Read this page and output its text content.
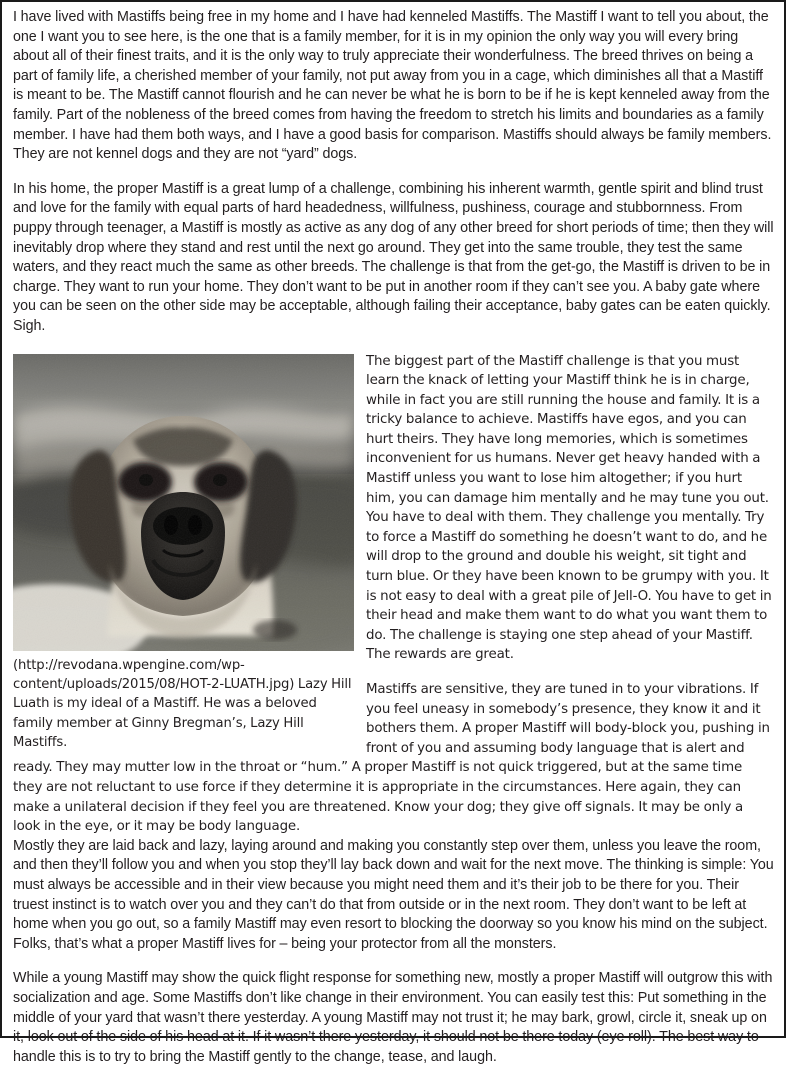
I have lived with Mastiffs being free in my home and I have had kenneled Mastiffs. The Mastiff I want to tell you about, the one I want you to see here, is the one that is a family member, for it is in my opinion the only way you will every bring about all of their finest traits, and it is the only way to truly appreciate their wonderfulness. The breed thrives on being a part of family life, a cherished member of your family, not put away from you in a cage, which diminishes all that a Mastiff is meant to be. The Mastiff cannot flourish and he can never be what he is born to be if he is kept kenneled away from the family. Part of the nobleness of the breed comes from having the freedom to stretch his limits and boundaries as a family member. I have had them both ways, and I have a good basis for comparison. Mastiffs should always be family members. They are not kennel dogs and they are not “yard” dogs.

In his home, the proper Mastiff is a great lump of a challenge, combining his inherent warmth, gentle spirit and blind trust and love for the family with equal parts of hard headedness, willfulness, pushiness, courage and stubbornness. From puppy through teenager, a Mastiff is mostly as active as any dog of any other breed for short periods of time; then they will inevitably drop where they stand and rest until the next go around. They get into the same trouble, they test the same waters, and they react much the same as other breeds. The challenge is that from the get-go, the Mastiff is driven to be in charge. They want to run your home. They don’t want to be put in another room if they can’t see you. A baby gate where you can be seen on the other side may be acceptable, although failing their acceptance, baby gates can be eaten quickly. Sigh.

(http://revodana.wpengine.com/wp-content/uploads/2015/08/HOT-2-LUATH.jpg) Lazy Hill Luath is my ideal of a Mastiff. He was a beloved family member at Ginny Bregman’s, Lazy Hill Mastiffs.

The biggest part of the Mastiff challenge is that you must learn the knack of letting your Mastiff think he is in charge, while in fact you are still running the house and family. It is a tricky balance to achieve. Mastiffs have egos, and you can hurt theirs. They have long memories, which is sometimes inconvenient for us humans. Never get heavy handed with a Mastiff unless you want to lose him altogether; if you hurt him, you can damage him mentally and he may tune you out. You have to deal with them. They challenge you mentally. Try to force a Mastiff do something he doesn’t want to do, and he will drop to the ground and double his weight, sit tight and turn blue. Or they have been known to be grumpy with you. It is not easy to deal with a great pile of Jell-O. You have to get in their head and make them want to do what you want them to do. The challenge is staying one step ahead of your Mastiff. The rewards are great.

Mastiffs are sensitive, they are tuned in to your vibrations. If you feel uneasy in somebody’s presence, they know it and it bothers them. A proper Mastiff will body-block you, pushing in front of you and assuming body language that is alert and ready. They may mutter low in the throat or “hum.” A proper Mastiff is not quick triggered, but at the same time they are not reluctant to use force if they determine it is appropriate in the circumstances. Here again, they can make a unilateral decision if they feel you are threatened. Know your dog; they give off signals. It may be only a look in the eye, or it may be body language.

Mostly they are laid back and lazy, laying around and making you constantly step over them, unless you leave the room, and then they’ll follow you and when you stop they’ll lay back down and wait for the next move. The thinking is simple: You must always be accessible and in their view because you might need them and it’s their job to be there for you. Their truest instinct is to watch over you and they can’t do that from outside or in the next room. They don’t want to be left at home when you go out, so a family Mastiff may even resort to blocking the doorway so you know his mind on the subject. Folks, that’s what a proper Mastiff lives for – being your protector from all the monsters.

While a young Mastiff may show the quick flight response for something new, mostly a proper Mastiff will outgrow this with socialization and age. Some Mastiffs don’t like change in their environment. You can easily test this: Put something in the middle of your yard that wasn’t there yesterday. A young Mastiff may not trust it; he may bark, growl, circle it, sneak up on it, look out of the side of his head at it. If it wasn’t there yesterday, it should not be there today (eye roll). The best way to handle this is to try to bring the Mastiff gently to the change, tease, and laugh.
